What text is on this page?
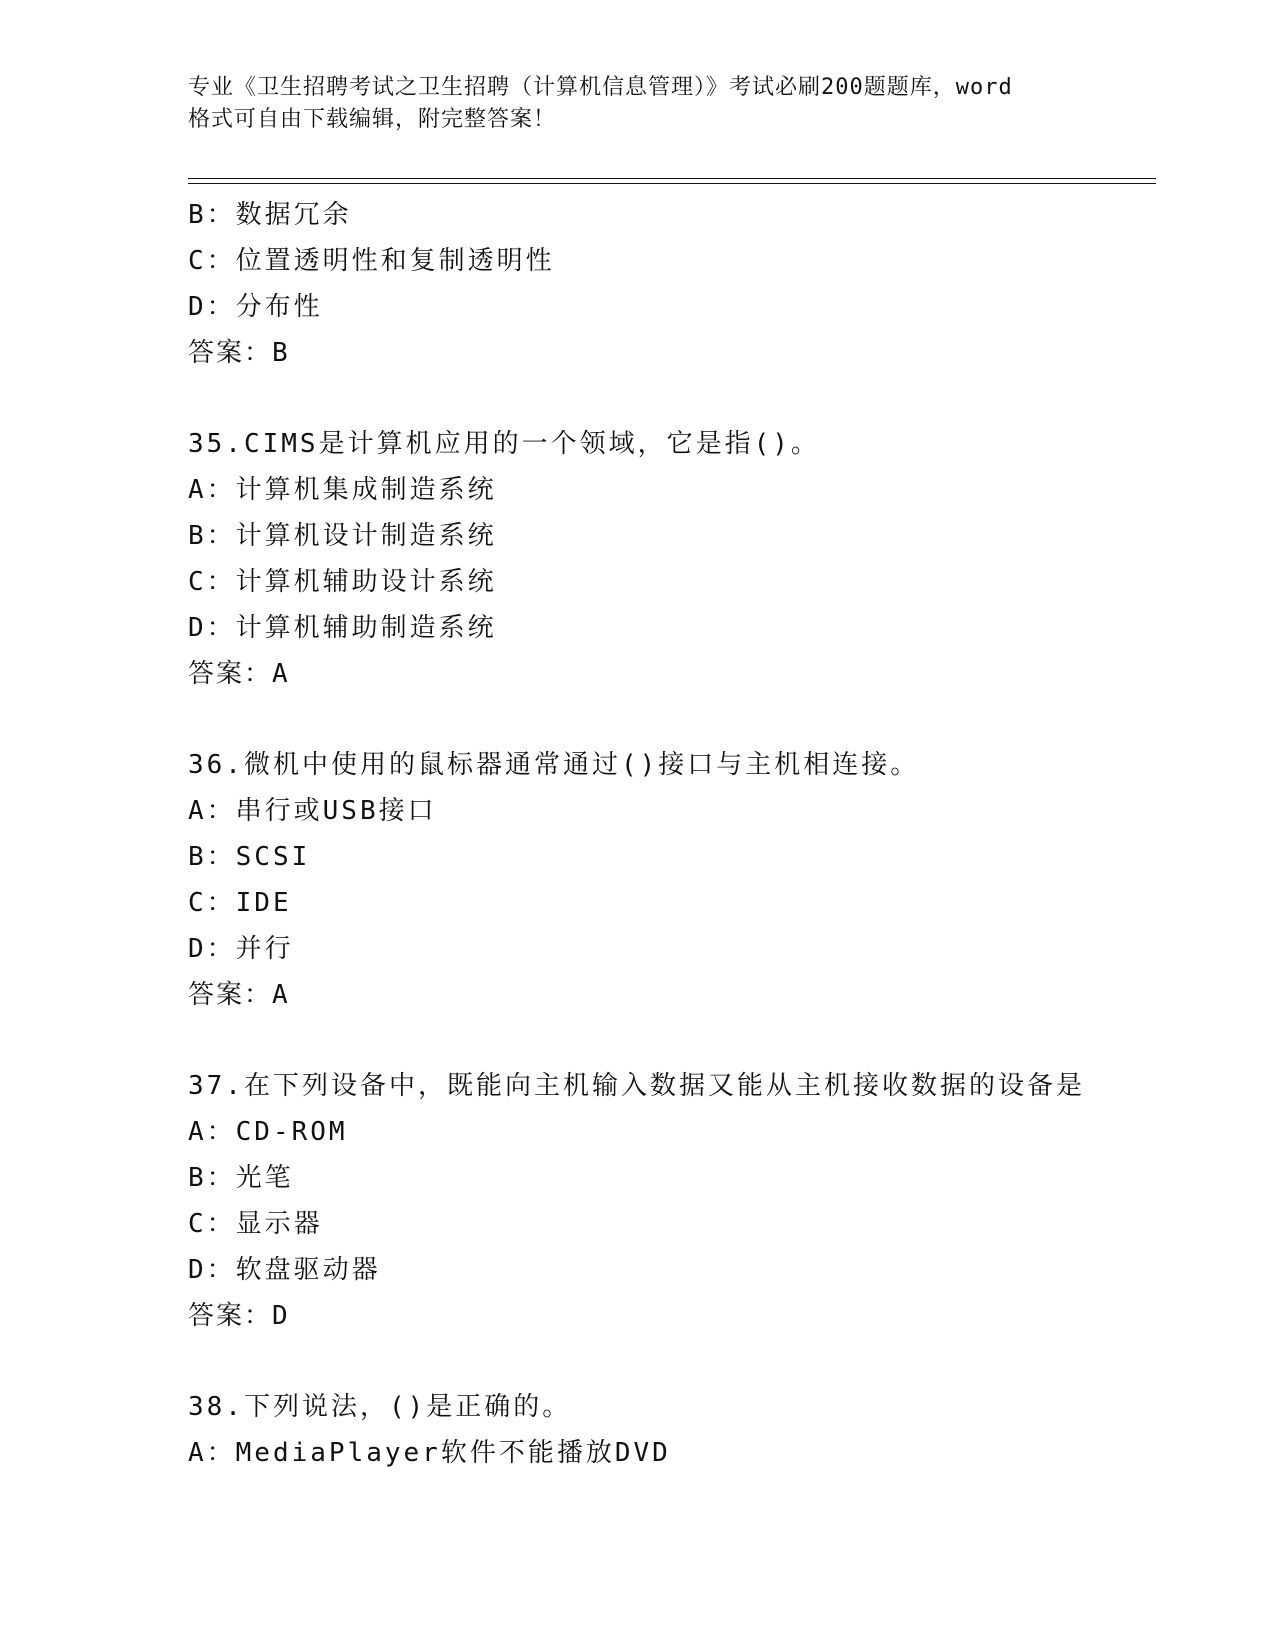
专业《卫生招聘考试之卫生招聘（计算机信息管理）》考试必刷200题题库，word
格式可自由下载编辑，附完整答案！
B：数据冗余
C：位置透明性和复制透明性
D：分布性
答案：B
35.CIMS是计算机应用的一个领域，它是指()。
A：计算机集成制造系统
B：计算机设计制造系统
C：计算机辅助设计系统
D：计算机辅助制造系统
答案：A
36.微机中使用的鼠标器通常通过()接口与主机相连接。
A：串行或USB接口
B：SCSI
C：IDE
D：并行
答案：A
37.在下列设备中，既能向主机输入数据又能从主机接收数据的设备是
A：CD-ROM
B：光笔
C：显示器
D：软盘驱动器
答案：D
38.下列说法，()是正确的。
A：MediaPlayer软件不能播放DVD
